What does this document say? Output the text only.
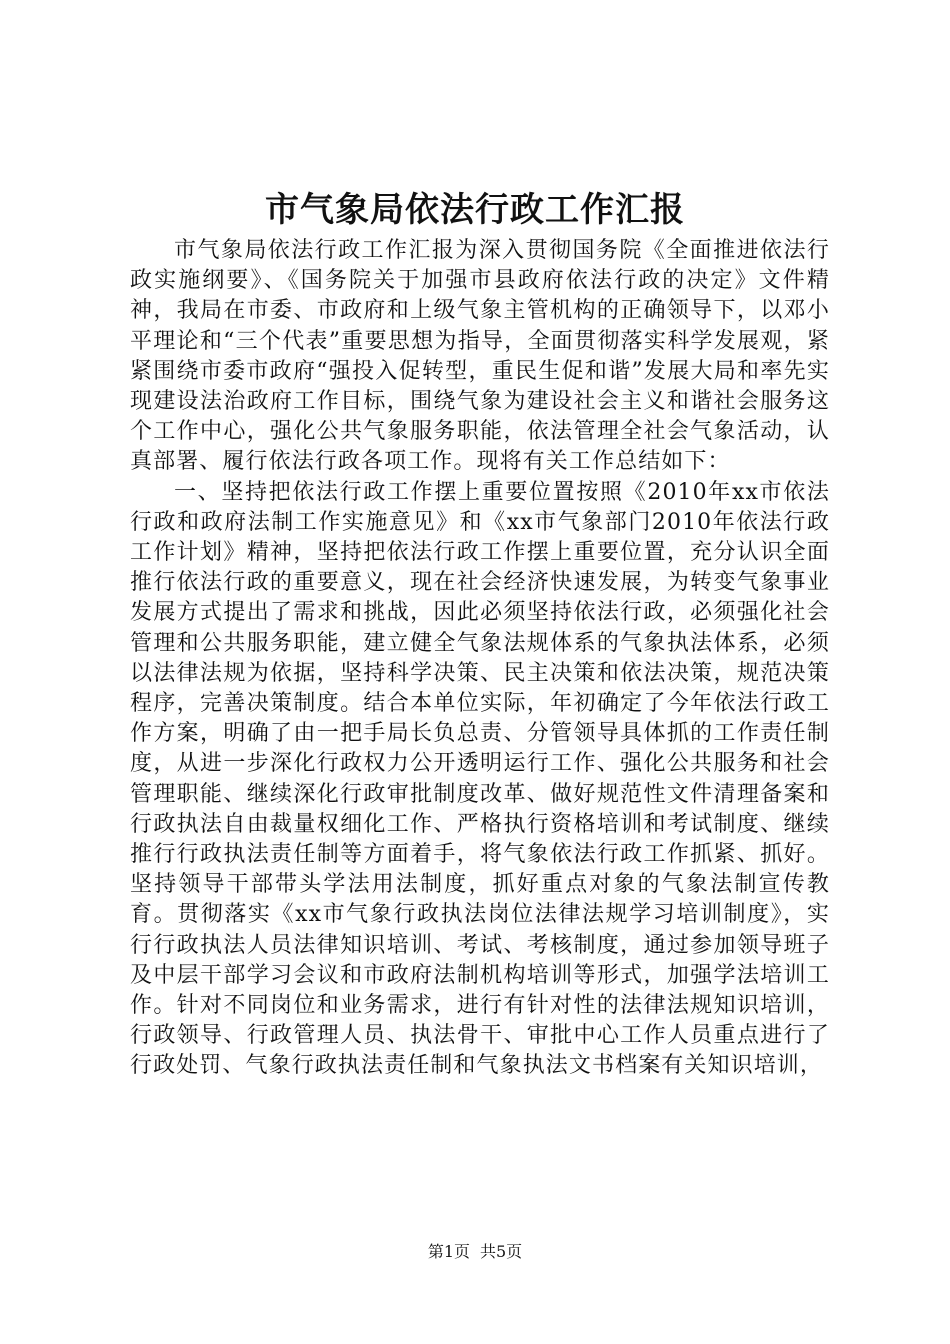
市气象局依法行政工作汇报

市气象局依法行政工作汇报为深入贯彻国务院《全面推进依法行政实施纲要》、《国务院关于加强市县政府依法行政的决定》文件精神，我局在市委、市政府和上级气象主管机构的正确领导下，以邓小平理论和“三个代表”重要思想为指导，全面贯彻落实科学发展观，紧紧围绕市委市政府“强投入促转型，重民生促和谐”发展大局和率先实现建设法治政府工作目标，围绕气象为建设社会主义和谐社会服务这个工作中心，强化公共气象服务职能，依法管理全社会气象活动，认真部署、履行依法行政各项工作。现将有关工作总结如下：

一、坚持把依法行政工作摆上重要位置按照《2010年xx市依法行政和政府法制工作实施意见》和《xx市气象部门2010年依法行政工作计划》精神，坚持把依法行政工作摆上重要位置，充分认识全面推行依法行政的重要意义，现在社会经济快速发展，为转变气象事业发展方式提出了需求和挑战，因此必须坚持依法行政，必须强化社会管理和公共服务职能，建立健全气象法规体系的气象执法体系，必须以法律法规为依据，坚持科学决策、民主决策和依法决策，规范决策程序，完善决策制度。结合本单位实际，年初确定了今年依法行政工作方案，明确了由一把手局长负总责、分管领导具体抓的工作责任制度，从进一步深化行政权力公开透明运行工作、强化公共服务和社会管理职能、继续深化行政审批制度改革、做好规范性文件清理备案和行政执法自由裁量权细化工作、严格执行资格培训和考试制度、继续推行行政执法责任制等方面着手，将气象依法行政工作抓紧、抓好。坚持领导干部带头学法用法制度，抓好重点对象的气象法制宣传教育。贯彻落实《xx市气象行政执法岗位法律法规学习培训制度》，实行行政执法人员法律知识培训、考试、考核制度，通过参加领导班子及中层干部学习会议和市政府法制机构培训等形式，加强学法培训工作。针对不同岗位和业务需求，进行有针对性的法律法规知识培训，行政领导、行政管理人员、执法骨干、审批中心工作人员重点进行了行政处罚、气象行政执法责任制和气象执法文书档案有关知识培训，

第1页 共5页
